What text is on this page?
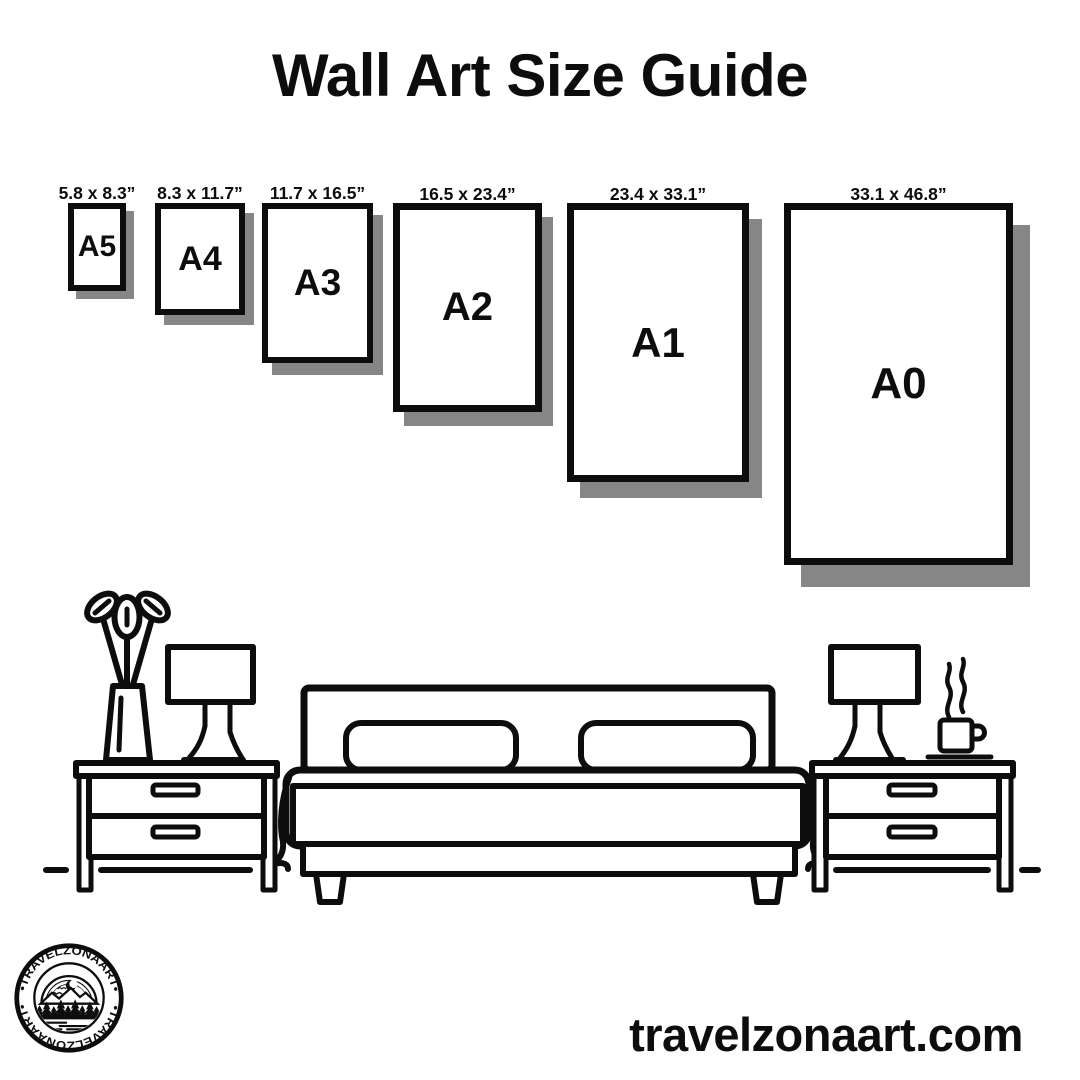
Wall Art Size Guide
5.8 x 8.3”
A5
8.3 x 11.7”
A4
11.7 x 16.5”
A3
16.5 x 23.4”
A2
23.4 x 33.1”
A1
33.1 x 46.8”
A0
•TRAVELZONAART•
•TRAVELZONAART•
travelzonaart.com
